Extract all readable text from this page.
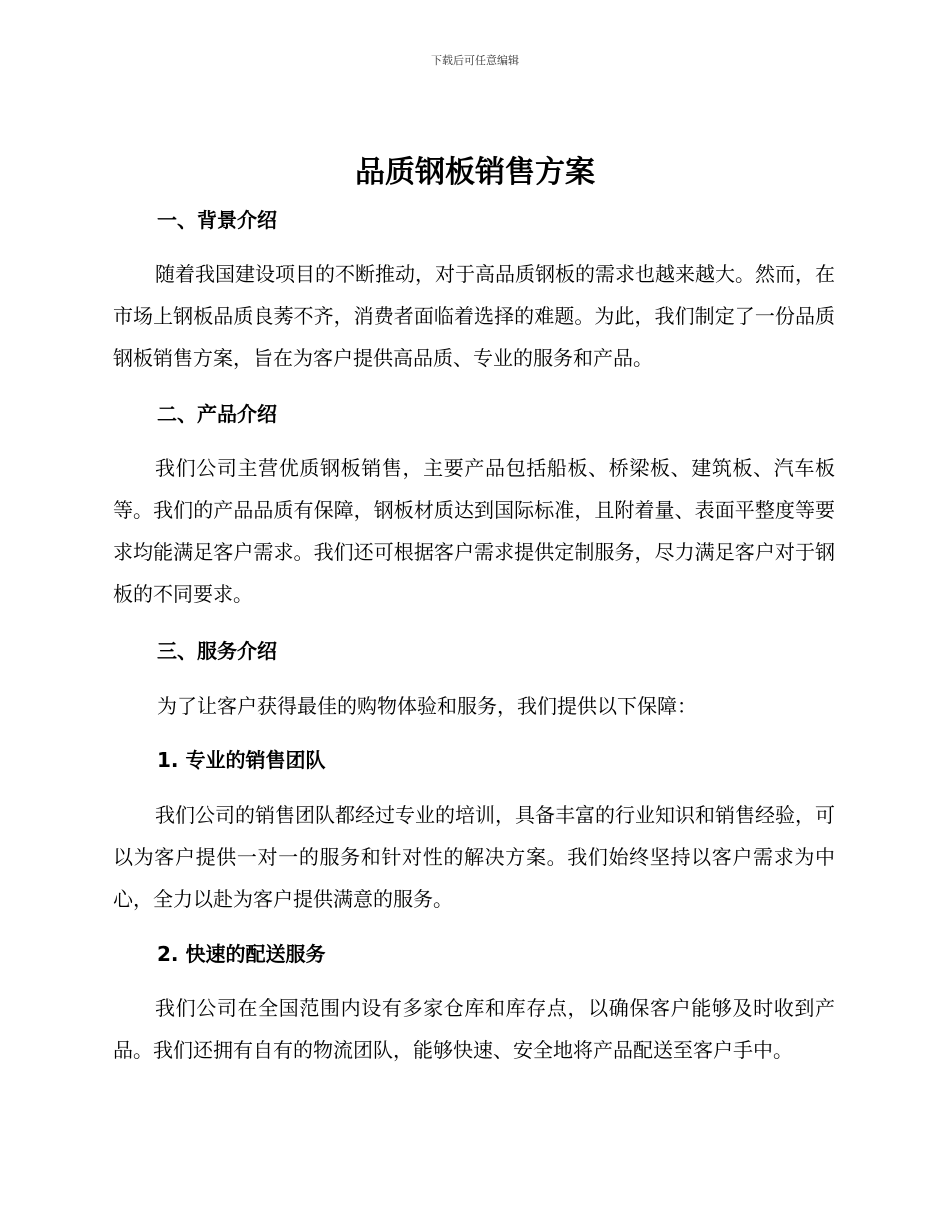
下载后可任意编辑
品质钢板销售方案
一、背景介绍

随着我国建设项目的不断推动，对于高品质钢板的需求也越来越大。然而，在市场上钢板品质良莠不齐，消费者面临着选择的难题。为此，我们制定了一份品质钢板销售方案，旨在为客户提供高品质、专业的服务和产品。

二、产品介绍

我们公司主营优质钢板销售，主要产品包括船板、桥梁板、建筑板、汽车板等。我们的产品品质有保障，钢板材质达到国际标准，且附着量、表面平整度等要求均能满足客户需求。我们还可根据客户需求提供定制服务，尽力满足客户对于钢板的不同要求。

三、服务介绍

为了让客户获得最佳的购物体验和服务，我们提供以下保障：

1. 专业的销售团队

我们公司的销售团队都经过专业的培训，具备丰富的行业知识和销售经验，可以为客户提供一对一的服务和针对性的解决方案。我们始终坚持以客户需求为中心，全力以赴为客户提供满意的服务。

2. 快速的配送服务

我们公司在全国范围内设有多家仓库和库存点，以确保客户能够及时收到产品。我们还拥有自有的物流团队，能够快速、安全地将产品配送至客户手中。
